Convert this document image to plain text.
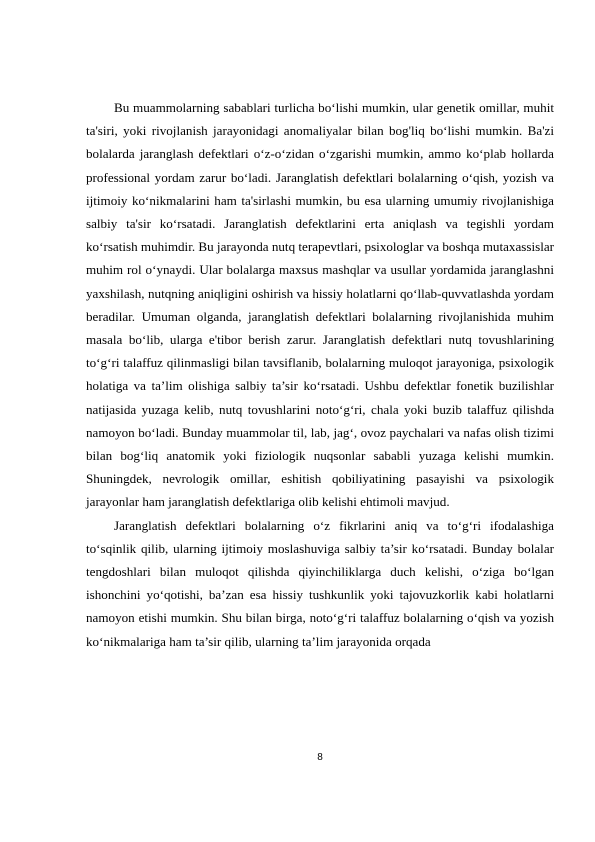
Bu muammolarning sabablari turlicha bo‘lishi mumkin, ular genetik omillar, muhit ta'siri, yoki rivojlanish jarayonidagi anomaliyalar bilan bog'liq bo‘lishi mumkin. Ba'zi bolalarda jaranglash defektlari o‘z-o‘zidan o‘zgarishi mumkin, ammo ko‘plab hollarda professional yordam zarur bo‘ladi. Jaranglatish defektlari bolalarning o‘qish, yozish va ijtimoiy ko‘nikmalarini ham ta'sirlashi mumkin, bu esa ularning umumiy rivojlanishiga salbiy ta'sir ko‘rsatadi. Jaranglatish defektlarini erta aniqlash va tegishli yordam ko‘rsatish muhimdir. Bu jarayonda nutq terapevtlari, psixologlar va boshqa mutaxassislar muhim rol o‘ynaydi. Ular bolalarga maxsus mashqlar va usullar yordamida jaranglashni yaxshilash, nutqning aniqligini oshirish va hissiy holatlarni qo‘llab-quvvatlashda yordam beradilar. Umuman olganda, jaranglatish defektlari bolalarning rivojlanishida muhim masala bo‘lib, ularga e'tibor berish zarur. Jaranglatish defektlari nutq tovushlarining to‘g‘ri talaffuz qilinmasligi bilan tavsiflanib, bolalarning muloqot jarayoniga, psixologik holatiga va ta’lim olishiga salbiy ta’sir ko‘rsatadi. Ushbu defektlar fonetik buzilishlar natijasida yuzaga kelib, nutq tovushlarini noto‘g‘ri, chala yoki buzib talaffuz qilishda namoyon bo‘ladi. Bunday muammolar til, lab, jag‘, ovoz paychalari va nafas olish tizimi bilan bog‘liq anatomik yoki fiziologik nuqsonlar sababli yuzaga kelishi mumkin. Shuningdek, nevrologik omillar, eshitish qobiliyatining pasayishi va psixologik jarayonlar ham jaranglatish defektlariga olib kelishi ehtimoli mavjud.

Jaranglatish defektlari bolalarning o‘z fikrlarini aniq va to‘g‘ri ifodalashiga to‘sqinlik qilib, ularning ijtimoiy moslashuviga salbiy ta’sir ko‘rsatadi. Bunday bolalar tengdoshlari bilan muloqot qilishda qiyinchiliklarga duch kelishi, o‘ziga bo‘lgan ishonchini yo‘qotishi, ba’zan esa hissiy tushkunlik yoki tajovuzkorlik kabi holatlarni namoyon etishi mumkin. Shu bilan birga, noto‘g‘ri talaffuz bolalarning o‘qish va yozish ko‘nikmalariga ham ta’sir qilib, ularning ta’lim jarayonida orqada

8
